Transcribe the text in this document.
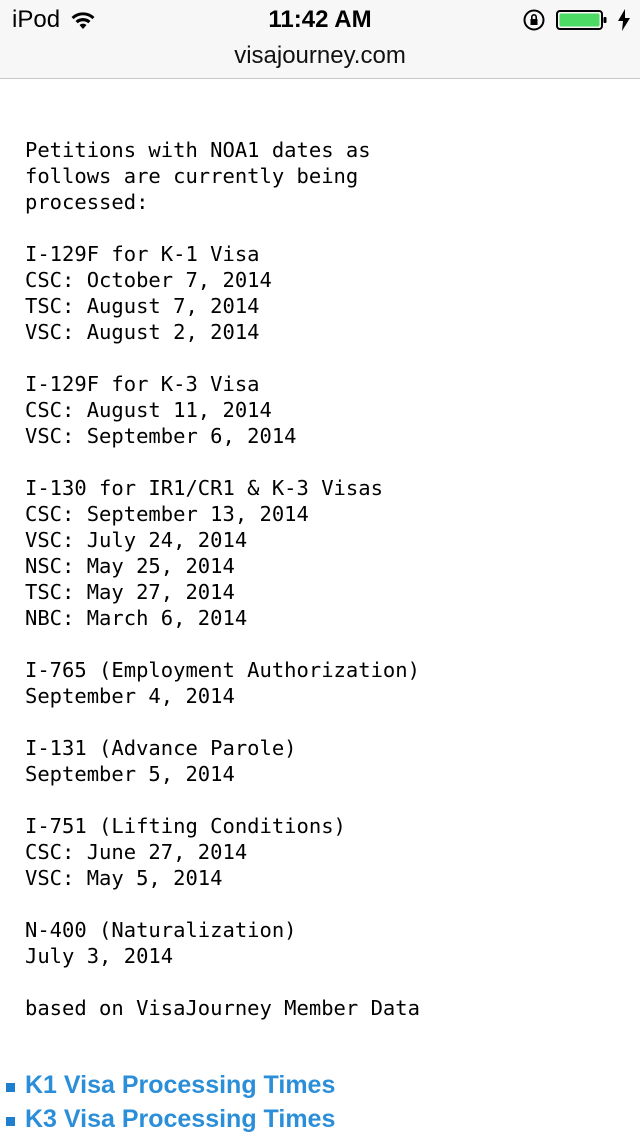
iPod	11:42 AM
visajourney.com
Petitions with NOA1 dates as
follows are currently being
processed:
I-129F for K-1 Visa
CSC: October 7, 2014
TSC: August 7, 2014
VSC: August 2, 2014
I-129F for K-3 Visa
CSC: August 11, 2014
VSC: September 6, 2014
I-130 for IR1/CR1 & K-3 Visas
CSC: September 13, 2014
VSC: July 24, 2014
NSC: May 25, 2014
TSC: May 27, 2014
NBC: March 6, 2014
I-765 (Employment Authorization)
September 4, 2014
I-131 (Advance Parole)
September 5, 2014
I-751 (Lifting Conditions)
CSC: June 27, 2014
VSC: May 5, 2014
N-400 (Naturalization)
July 3, 2014
based on VisaJourney Member Data
K1 Visa Processing Times
K3 Visa Processing Times
